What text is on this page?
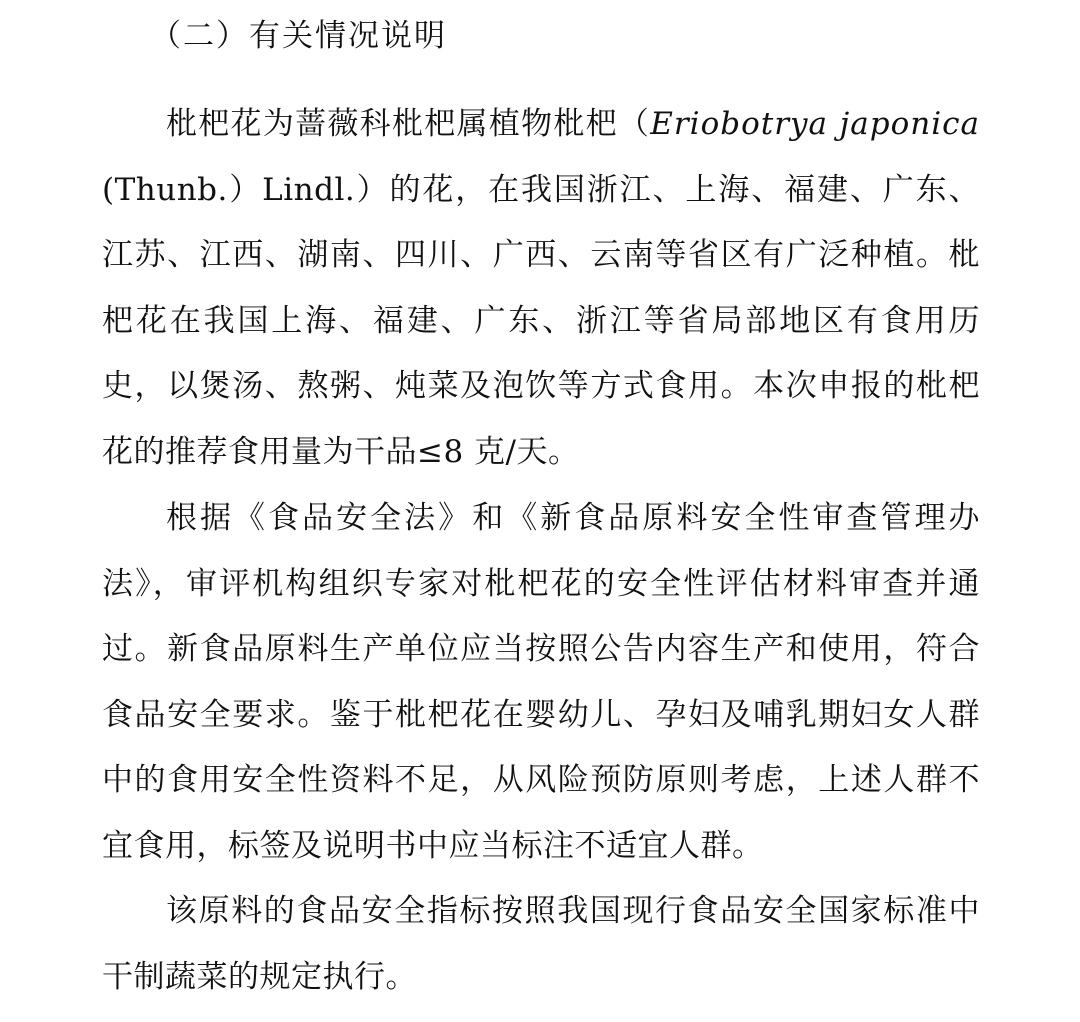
（二）有关情况说明

枇杷花为蔷薇科枇杷属植物枇杷（Eriobotrya japonica (Thunb.）Lindl.）的花，在我国浙江、上海、福建、广东、江苏、江西、湖南、四川、广西、云南等省区有广泛种植。枇杷花在我国上海、福建、广东、浙江等省局部地区有食用历史，以煲汤、熬粥、炖菜及泡饮等方式食用。本次申报的枇杷花的推荐食用量为干品≤8 克/天。

根据《食品安全法》和《新食品原料安全性审查管理办法》，审评机构组织专家对枇杷花的安全性评估材料审查并通过。新食品原料生产单位应当按照公告内容生产和使用，符合食品安全要求。鉴于枇杷花在婴幼儿、孕妇及哺乳期妇女人群中的食用安全性资料不足，从风险预防原则考虑，上述人群不宜食用，标签及说明书中应当标注不适宜人群。

该原料的食品安全指标按照我国现行食品安全国家标准中干制蔬菜的规定执行。
